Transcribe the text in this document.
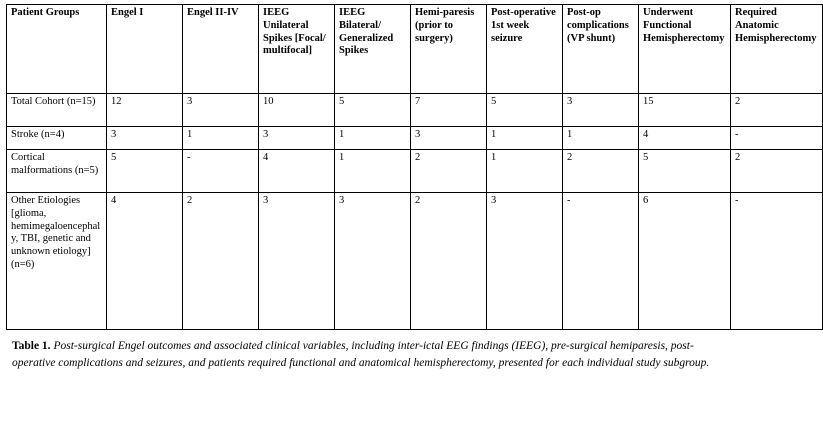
Patient Groups	Engel I	Engel II-IV	IEEG Unilateral Spikes [Focal/ multifocal]	IEEG Bilateral/ Generalized Spikes	Hemi-paresis (prior to surgery)	Post-operative 1st week seizure	Post-op complications (VP shunt)	Underwent Functional Hemispherectomy	Required Anatomic Hemispherectomy
Total Cohort (n=15)	12	3	10	5	7	5	3	15	2
Stroke (n=4)	3	1	3	1	3	1	1	4	-
Cortical malformations (n=5)	5	-	4	1	2	1	2	5	2
Other Etiologies [glioma, hemimegaloencephaly, TBI, genetic and unknown etiology] (n=6)	4	2	3	3	2	3	-	6	-
Table 1. Post-surgical Engel outcomes and associated clinical variables, including inter-ictal EEG findings (IEEG), pre-surgical hemiparesis, post-operative complications and seizures, and patients required functional and anatomical hemispherectomy, presented for each individual study subgroup.
